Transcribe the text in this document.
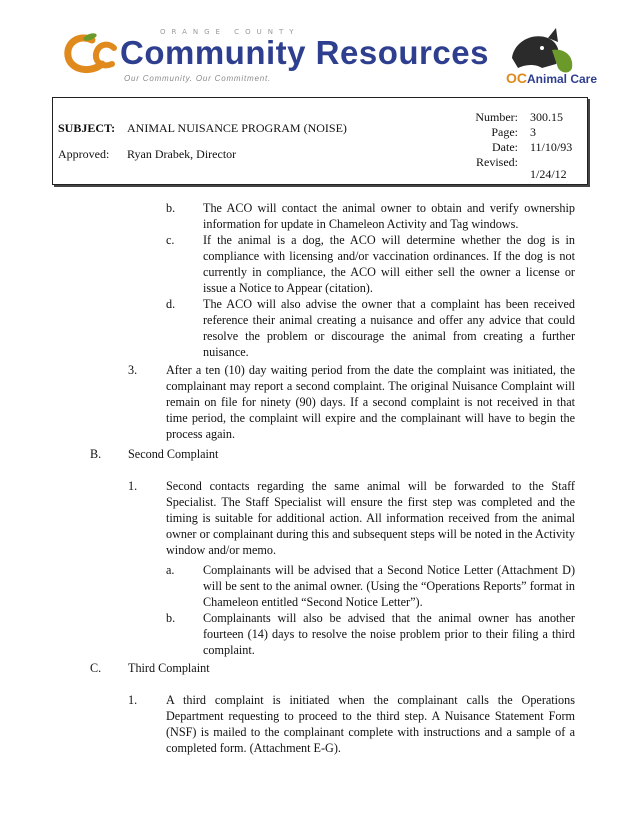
ORANGE COUNTY
Community Resources
Our Community. Our Commitment.	OCAnimal Care
SUBJECT: ANIMAL NUISANCE PROGRAM (NOISE)
Approved: Ryan Drabek, Director
Number: 300.15
Page: 3
Date: 11/10/93
Revised:
1/24/12
b. The ACO will contact the animal owner to obtain and verify ownership information for update in Chameleon Activity and Tag windows.
c. If the animal is a dog, the ACO will determine whether the dog is in compliance with licensing and/or vaccination ordinances. If the dog is not currently in compliance, the ACO will either sell the owner a license or issue a Notice to Appear (citation).
d. The ACO will also advise the owner that a complaint has been received reference their animal creating a nuisance and offer any advice that could resolve the problem or discourage the animal from creating a further nuisance.
3. After a ten (10) day waiting period from the date the complaint was initiated, the complainant may report a second complaint. The original Nuisance Complaint will remain on file for ninety (90) days. If a second complaint is not received in that time period, the complaint will expire and the complainant will have to begin the process again.
B. Second Complaint
1. Second contacts regarding the same animal will be forwarded to the Staff Specialist. The Staff Specialist will ensure the first step was completed and the timing is suitable for additional action. All information received from the animal owner or complainant during this and subsequent steps will be noted in the Activity window and/or memo.
a. Complainants will be advised that a Second Notice Letter (Attachment D) will be sent to the animal owner. (Using the “Operations Reports” format in Chameleon entitled “Second Notice Letter”).
b. Complainants will also be advised that the animal owner has another fourteen (14) days to resolve the noise problem prior to their filing a third complaint.
C. Third Complaint
1. A third complaint is initiated when the complainant calls the Operations Department requesting to proceed to the third step. A Nuisance Statement Form (NSF) is mailed to the complainant complete with instructions and a sample of a completed form. (Attachment E-G).
